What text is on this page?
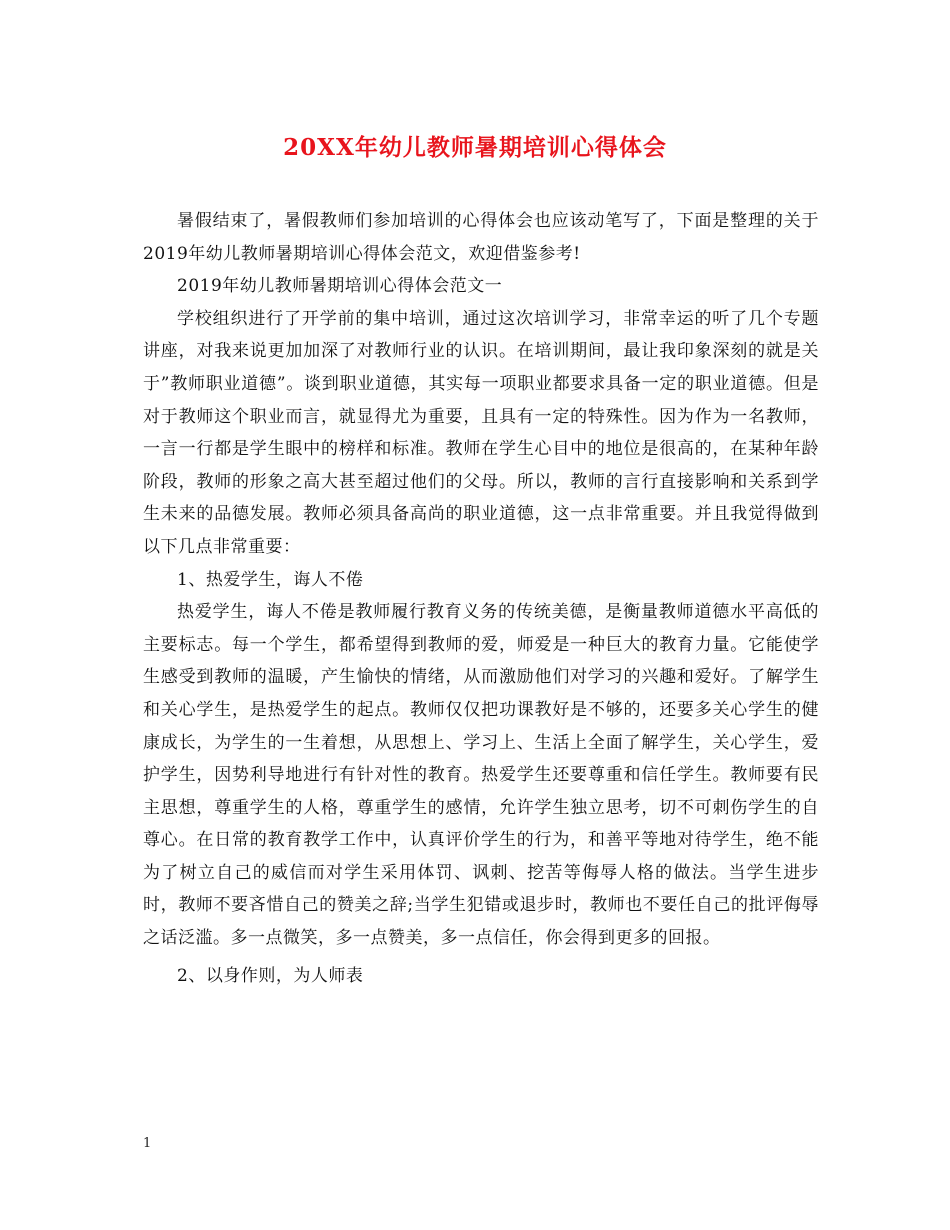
20XX年幼儿教师暑期培训心得体会

暑假结束了，暑假教师们参加培训的心得体会也应该动笔写了，下面是整理的关于2019年幼儿教师暑期培训心得体会范文，欢迎借鉴参考!

2019年幼儿教师暑期培训心得体会范文一

学校组织进行了开学前的集中培训，通过这次培训学习，非常幸运的听了几个专题讲座，对我来说更加加深了对教师行业的认识。在培训期间，最让我印象深刻的就是关于”教师职业道德”。谈到职业道德，其实每一项职业都要求具备一定的职业道德。但是对于教师这个职业而言，就显得尤为重要，且具有一定的特殊性。因为作为一名教师，一言一行都是学生眼中的榜样和标准。教师在学生心目中的地位是很高的，在某种年龄阶段，教师的形象之高大甚至超过他们的父母。所以，教师的言行直接影响和关系到学生未来的品德发展。教师必须具备高尚的职业道德，这一点非常重要。并且我觉得做到以下几点非常重要：

1、热爱学生，诲人不倦

热爱学生，诲人不倦是教师履行教育义务的传统美德，是衡量教师道德水平高低的主要标志。每一个学生，都希望得到教师的爱，师爱是一种巨大的教育力量。它能使学生感受到教师的温暖，产生愉快的情绪，从而激励他们对学习的兴趣和爱好。了解学生和关心学生，是热爱学生的起点。教师仅仅把功课教好是不够的，还要多关心学生的健康成长，为学生的一生着想，从思想上、学习上、生活上全面了解学生，关心学生，爱护学生，因势利导地进行有针对性的教育。热爱学生还要尊重和信任学生。教师要有民主思想，尊重学生的人格，尊重学生的感情，允许学生独立思考，切不可刺伤学生的自尊心。在日常的教育教学工作中，认真评价学生的行为，和善平等地对待学生，绝不能为了树立自己的威信而对学生采用体罚、讽刺、挖苦等侮辱人格的做法。当学生进步时，教师不要吝惜自己的赞美之辞;当学生犯错或退步时，教师也不要任自己的批评侮辱之话泛滥。多一点微笑，多一点赞美，多一点信任，你会得到更多的回报。

2、以身作则，为人师表

1
